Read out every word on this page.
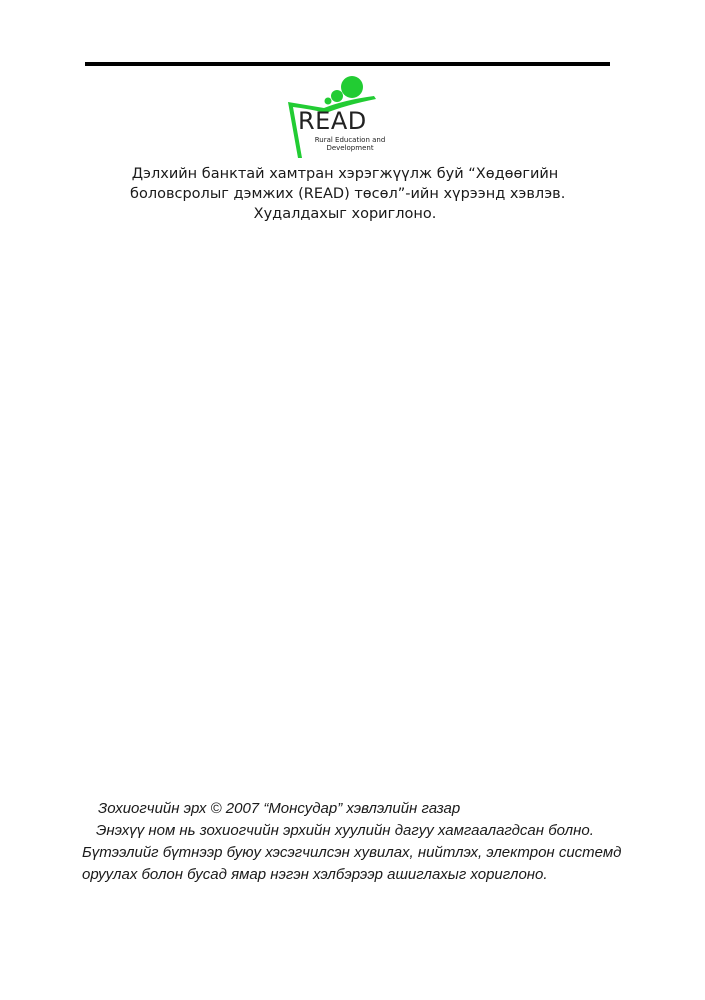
READ
Rural Education and
Development
Дэлхийн банктай хамтран хэрэгжүүлж буй “Хөдөөгийн
боловсролыг дэмжих (READ) төсөл”-ийн хүрээнд хэвлэв.
Худалдахыг хориглоно.
Зохиогчийн эрх © 2007 “Монсудар” хэвлэлийн газар
Энэхүү ном нь зохиогчийн эрхийн хуулийн дагуу хамгаалагдсан болно.
Бүтээлийг бүтнээр буюу хэсэгчилсэн хувилах, нийтлэх, электрон системд
оруулах болон бусад ямар нэгэн хэлбэрээр ашиглахыг хориглоно.
